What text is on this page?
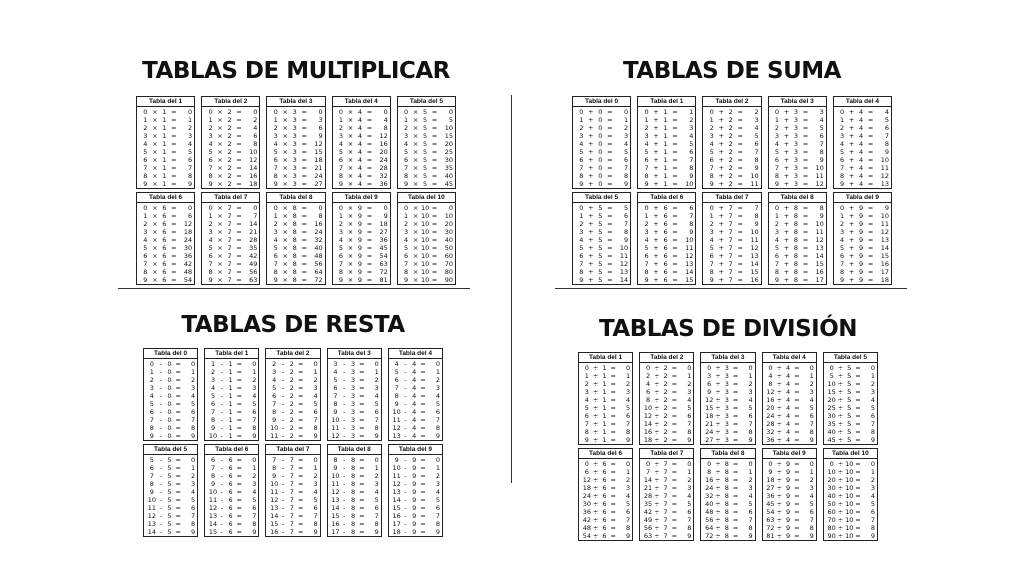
TABLAS DE MULTIPLICAR
Tabla del 1
0 × 1 =	0
1 × 1 =	1
2 × 1 =	2
3 × 1 =	3
4 × 1 =	4
5 × 1 =	5
6 × 1 =	6
7 × 1 =	7
8 × 1 =	8
9 × 1 =	9
Tabla del 2
0 × 2 =	0
1 × 2 =	2
2 × 2 =	4
3 × 2 =	6
4 × 2 =	8
5 × 2 =	10
6 × 2 =	12
7 × 2 =	14
8 × 2 =	16
9 × 2 =	18
Tabla del 3
0 × 3 =	0
1 × 3 =	3
2 × 3 =	6
3 × 3 =	9
4 × 3 =	12
5 × 3 =	15
6 × 3 =	18
7 × 3 =	21
8 × 3 =	24
9 × 3 =	27
Tabla del 4
0 × 4 =	0
1 × 4 =	4
2 × 4 =	8
3 × 4 =	12
4 × 4 =	16
5 × 4 =	20
6 × 4 =	24
7 × 4 =	28
8 × 4 =	32
9 × 4 =	36
Tabla del 5
0 × 5 =	0
1 × 5 =	5
2 × 5 =	10
3 × 5 =	15
4 × 5 =	20
5 × 5 =	25
6 × 5 =	30
7 × 5 =	35
8 × 5 =	40
9 × 5 =	45
Tabla del 6
0 × 6 =	0
1 × 6 =	6
2 × 6 =	12
3 × 6 =	18
4 × 6 =	24
5 × 6 =	30
6 × 6 =	36
7 × 6 =	42
8 × 6 =	48
9 × 6 =	54
Tabla del 7
0 × 7 =	0
1 × 7 =	7
2 × 7 =	14
3 × 7 =	21
4 × 7 =	28
5 × 7 =	35
6 × 7 =	42
7 × 7 =	49
8 × 7 =	56
9 × 7 =	63
Tabla del 8
0 × 8 =	0
1 × 8 =	8
2 × 8 =	16
3 × 8 =	24
4 × 8 =	32
5 × 8 =	40
6 × 8 =	48
7 × 8 =	56
8 × 8 =	64
9 × 8 =	72
Tabla del 9
0 × 9 =	0
1 × 9 =	9
2 × 9 =	18
3 × 9 =	27
4 × 9 =	36
5 × 9 =	45
6 × 9 =	54
7 × 9 =	63
8 × 9 =	72
9 × 9 =	81
Tabla del 10
0 × 10 =	0
1 × 10 =	10
2 × 10 =	20
3 × 10 =	30
4 × 10 =	40
5 × 10 =	50
6 × 10 =	60
7 × 10 =	70
8 × 10 =	80
9 × 10 =	90
TABLAS DE SUMA
Tabla del 0
0 + 0 =	0
1 + 0 =	1
2 + 0 =	2
3 + 0 =	3
4 + 0 =	4
5 + 0 =	5
6 + 0 =	6
7 + 0 =	7
8 + 0 =	8
9 + 0 =	9
Tabla del 1
0 + 1 =	1
1 + 1 =	2
2 + 1 =	3
3 + 1 =	4
4 + 1 =	5
5 + 1 =	6
6 + 1 =	7
7 + 1 =	8
8 + 1 =	9
9 + 1 =	10
Tabla del 2
0 + 2 =	2
1 + 2 =	3
2 + 2 =	4
3 + 2 =	5
4 + 2 =	6
5 + 2 =	7
6 + 2 =	8
7 + 2 =	9
8 + 2 =	10
9 + 2 =	11
Tabla del 3
0 + 3 =	3
1 + 3 =	4
2 + 3 =	5
3 + 3 =	6
4 + 3 =	7
5 + 3 =	8
6 + 3 =	9
7 + 3 =	10
8 + 3 =	11
9 + 3 =	12
Tabla del 4
0 + 4 =	4
1 + 4 =	5
2 + 4 =	6
3 + 4 =	7
4 + 4 =	8
5 + 4 =	9
6 + 4 =	10
7 + 4 =	11
8 + 4 =	12
9 + 4 =	13
Tabla del 5
0 + 5 =	5
1 + 5 =	6
2 + 5 =	7
3 + 5 =	8
4 + 5 =	9
5 + 5 =	10
6 + 5 =	11
7 + 5 =	12
8 + 5 =	13
9 + 5 =	14
Tabla del 6
0 + 6 =	6
1 + 6 =	7
2 + 6 =	8
3 + 6 =	9
4 + 6 =	10
5 + 6 =	11
6 + 6 =	12
7 + 6 =	13
8 + 6 =	14
9 + 6 =	15
Tabla del 7
0 + 7 =	7
1 + 7 =	8
2 + 7 =	9
3 + 7 =	10
4 + 7 =	11
5 + 7 =	12
6 + 7 =	13
7 + 7 =	14
8 + 7 =	15
9 + 7 =	16
Tabla del 8
0 + 8 =	8
1 + 8 =	9
2 + 8 =	10
3 + 8 =	11
4 + 8 =	12
5 + 8 =	13
6 + 8 =	14
7 + 8 =	15
8 + 8 =	16
9 + 8 =	17
Tabla del 9
0 + 9 =	9
1 + 9 =	10
2 + 9 =	11
3 + 9 =	12
4 + 9 =	13
5 + 9 =	14
6 + 9 =	15
7 + 9 =	16
8 + 9 =	17
9 + 9 =	18
TABLAS DE RESTA
Tabla del 0
0 - 0 =	0
1 - 0 =	1
2 - 0 =	2
3 - 0 =	3
4 - 0 =	4
5 - 0 =	5
6 - 0 =	6
7 - 0 =	7
8 - 0 =	8
9 - 0 =	9
Tabla del 1
1 - 1 =	0
2 - 1 =	1
3 - 1 =	2
4 - 1 =	3
5 - 1 =	4
6 - 1 =	5
7 - 1 =	6
8 - 1 =	7
9 - 1 =	8
10 - 1 =	9
Tabla del 2
2 - 2 =	0
3 - 2 =	1
4 - 2 =	2
5 - 2 =	3
6 - 2 =	4
7 - 2 =	5
8 - 2 =	6
9 - 2 =	7
10 - 2 =	8
11 - 2 =	9
Tabla del 3
3 - 3 =	0
4 - 3 =	1
5 - 3 =	2
6 - 3 =	3
7 - 3 =	4
8 - 3 =	5
9 - 3 =	6
10 - 3 =	7
11 - 3 =	8
12 - 3 =	9
Tabla del 4
4 - 4 =	0
5 - 4 =	1
6 - 4 =	2
7 - 4 =	3
8 - 4 =	4
9 - 4 =	5
10 - 4 =	6
11 - 4 =	7
12 - 4 =	8
13 - 4 =	9
Tabla del 5
5 - 5 =	0
6 - 5 =	1
7 - 5 =	2
8 - 5 =	3
9 - 5 =	4
10 - 5 =	5
11 - 5 =	6
12 - 5 =	7
13 - 5 =	8
14 - 5 =	9
Tabla del 6
6 - 6 =	0
7 - 6 =	1
8 - 6 =	2
9 - 6 =	3
10 - 6 =	4
11 - 6 =	5
12 - 6 =	6
13 - 6 =	7
14 - 6 =	8
15 - 6 =	9
Tabla del 7
7 - 7 =	0
8 - 7 =	1
9 - 7 =	2
10 - 7 =	3
11 - 7 =	4
12 - 7 =	5
13 - 7 =	6
14 - 7 =	7
15 - 7 =	8
16 - 7 =	9
Tabla del 8
8 - 8 =	0
9 - 8 =	1
10 - 8 =	2
11 - 8 =	3
12 - 8 =	4
13 - 8 =	5
14 - 8 =	6
15 - 8 =	7
16 - 8 =	8
17 - 8 =	9
Tabla del 9
9 - 9 =	0
10 - 9 =	1
11 - 9 =	2
12 - 9 =	3
13 - 9 =	4
14 - 9 =	5
15 - 9 =	6
16 - 9 =	7
17 - 9 =	8
18 - 9 =	9
TABLAS DE DIVISIÓN
Tabla del 1
0 ÷ 1 =	0
1 ÷ 1 =	1
2 ÷ 1 =	2
3 ÷ 1 =	3
4 ÷ 1 =	4
5 ÷ 1 =	5
6 ÷ 1 =	6
7 ÷ 1 =	7
8 ÷ 1 =	8
9 ÷ 1 =	9
Tabla del 2
0 ÷ 2 =	0
2 ÷ 2 =	1
4 ÷ 2 =	2
6 ÷ 2 =	3
8 ÷ 2 =	4
10 ÷ 2 =	5
12 ÷ 2 =	6
14 ÷ 2 =	7
16 ÷ 2 =	8
18 ÷ 2 =	9
Tabla del 3
0 ÷ 3 =	0
3 ÷ 3 =	1
6 ÷ 3 =	2
9 ÷ 3 =	3
12 ÷ 3 =	4
15 ÷ 3 =	5
18 ÷ 3 =	6
21 ÷ 3 =	7
24 ÷ 3 =	8
27 ÷ 3 =	9
Tabla del 4
0 ÷ 4 =	0
4 ÷ 4 =	1
8 ÷ 4 =	2
12 ÷ 4 =	3
16 ÷ 4 =	4
20 ÷ 4 =	5
24 ÷ 4 =	6
28 ÷ 4 =	7
32 ÷ 4 =	8
36 ÷ 4 =	9
Tabla del 5
0 ÷ 5 =	0
5 ÷ 5 =	1
10 ÷ 5 =	2
15 ÷ 5 =	3
20 ÷ 5 =	4
25 ÷ 5 =	5
30 ÷ 5 =	6
35 ÷ 5 =	7
40 ÷ 5 =	8
45 ÷ 5 =	9
Tabla del 6
0 ÷ 6 =	0
6 ÷ 6 =	1
12 ÷ 6 =	2
18 ÷ 6 =	3
24 ÷ 6 =	4
30 ÷ 6 =	5
36 ÷ 6 =	6
42 ÷ 6 =	7
48 ÷ 6 =	8
54 ÷ 6 =	9
Tabla del 7
0 ÷ 7 =	0
7 ÷ 7 =	1
14 ÷ 7 =	2
21 ÷ 7 =	3
28 ÷ 7 =	4
35 ÷ 7 =	5
42 ÷ 7 =	6
49 ÷ 7 =	7
56 ÷ 7 =	8
63 ÷ 7 =	9
Tabla del 8
0 ÷ 8 =	0
8 ÷ 8 =	1
16 ÷ 8 =	2
24 ÷ 8 =	3
32 ÷ 8 =	4
40 ÷ 8 =	5
48 ÷ 8 =	6
56 ÷ 8 =	7
64 ÷ 8 =	8
72 ÷ 8 =	9
Tabla del 9
0 ÷ 9 =	0
9 ÷ 9 =	1
18 ÷ 9 =	2
27 ÷ 9 =	3
36 ÷ 9 =	4
45 ÷ 9 =	5
54 ÷ 9 =	6
63 ÷ 9 =	7
72 ÷ 9 =	8
81 ÷ 9 =	9
Tabla del 10
0 ÷ 10 =	0
10 ÷ 10 =	1
20 ÷ 10 =	2
30 ÷ 10 =	3
40 ÷ 10 =	4
50 ÷ 10 =	5
60 ÷ 10 =	6
70 ÷ 10 =	7
80 ÷ 10 =	8
90 ÷ 10 =	9
